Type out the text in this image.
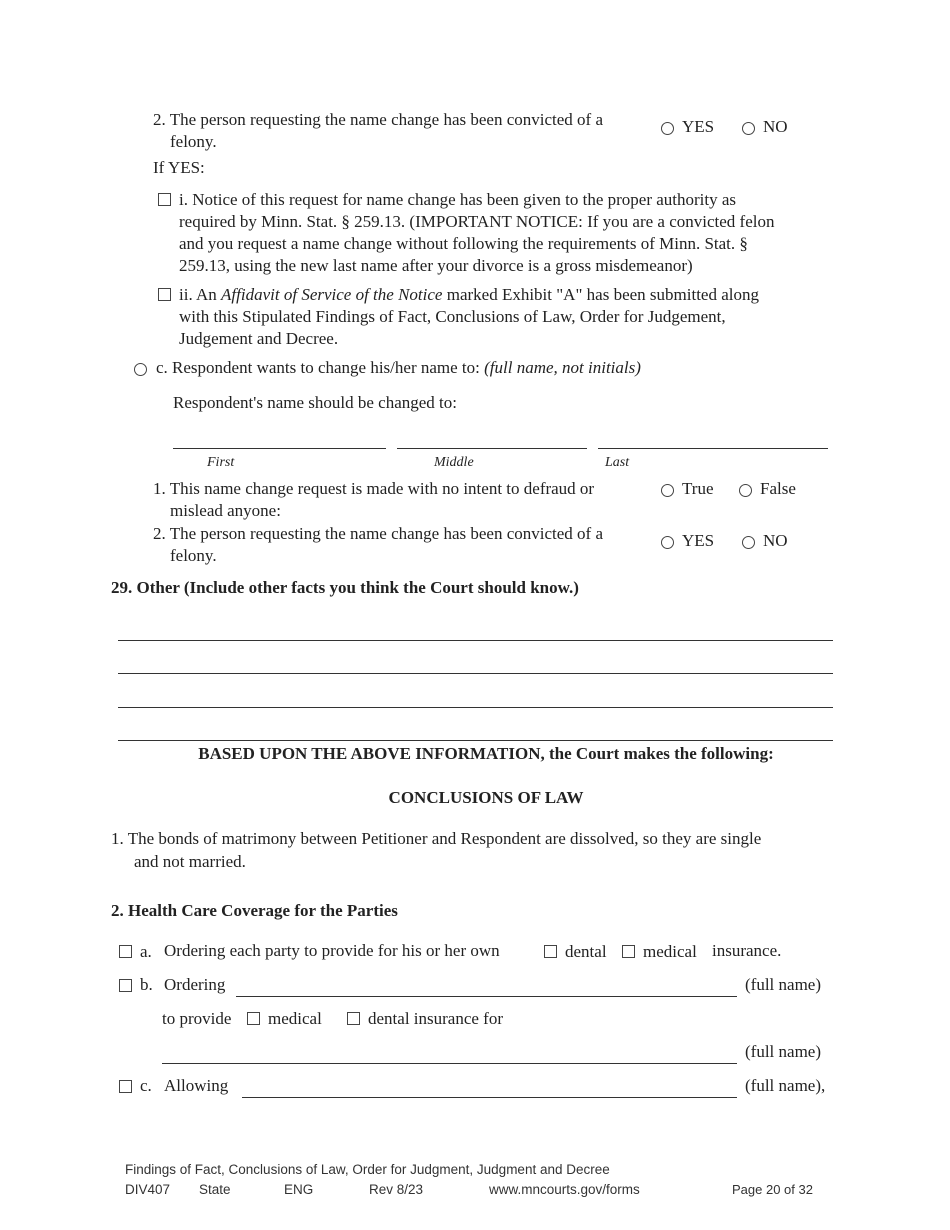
2. The person requesting the name change has been convicted of a
felony.
YES	NO
If YES:
i. Notice of this request for name change has been given to the proper authority as
required by Minn. Stat. § 259.13. (IMPORTANT NOTICE: If you are a convicted felon
and you request a name change without following the requirements of Minn. Stat. §
259.13, using the new last name after your divorce is a gross misdemeanor)
ii. An Affidavit of Service of the Notice marked Exhibit "A" has been submitted along
with this Stipulated Findings of Fact, Conclusions of Law, Order for Judgement,
Judgement and Decree.
c. Respondent wants to change his/her name to: (full name, not initials)
Respondent's name should be changed to:
First	Middle	Last
1. This name change request is made with no intent to defraud or
mislead anyone:
True	False
2. The person requesting the name change has been convicted of a
felony.
YES	NO
29. Other (Include other facts you think the Court should know.)
BASED UPON THE ABOVE INFORMATION, the Court makes the following:
CONCLUSIONS OF LAW
1. The bonds of matrimony between Petitioner and Respondent are dissolved, so they are single
and not married.
2. Health Care Coverage for the Parties
a. Ordering each party to provide for his or her own	dental medical insurance.
b. Ordering	(full name)
to provide medical	dental insurance for
(full name)
c. Allowing	(full name),
Findings of Fact, Conclusions of Law, Order for Judgment, Judgment and Decree
DIV407 State	ENG	Rev 8/23	www.mncourts.gov/forms	Page 20 of 32
